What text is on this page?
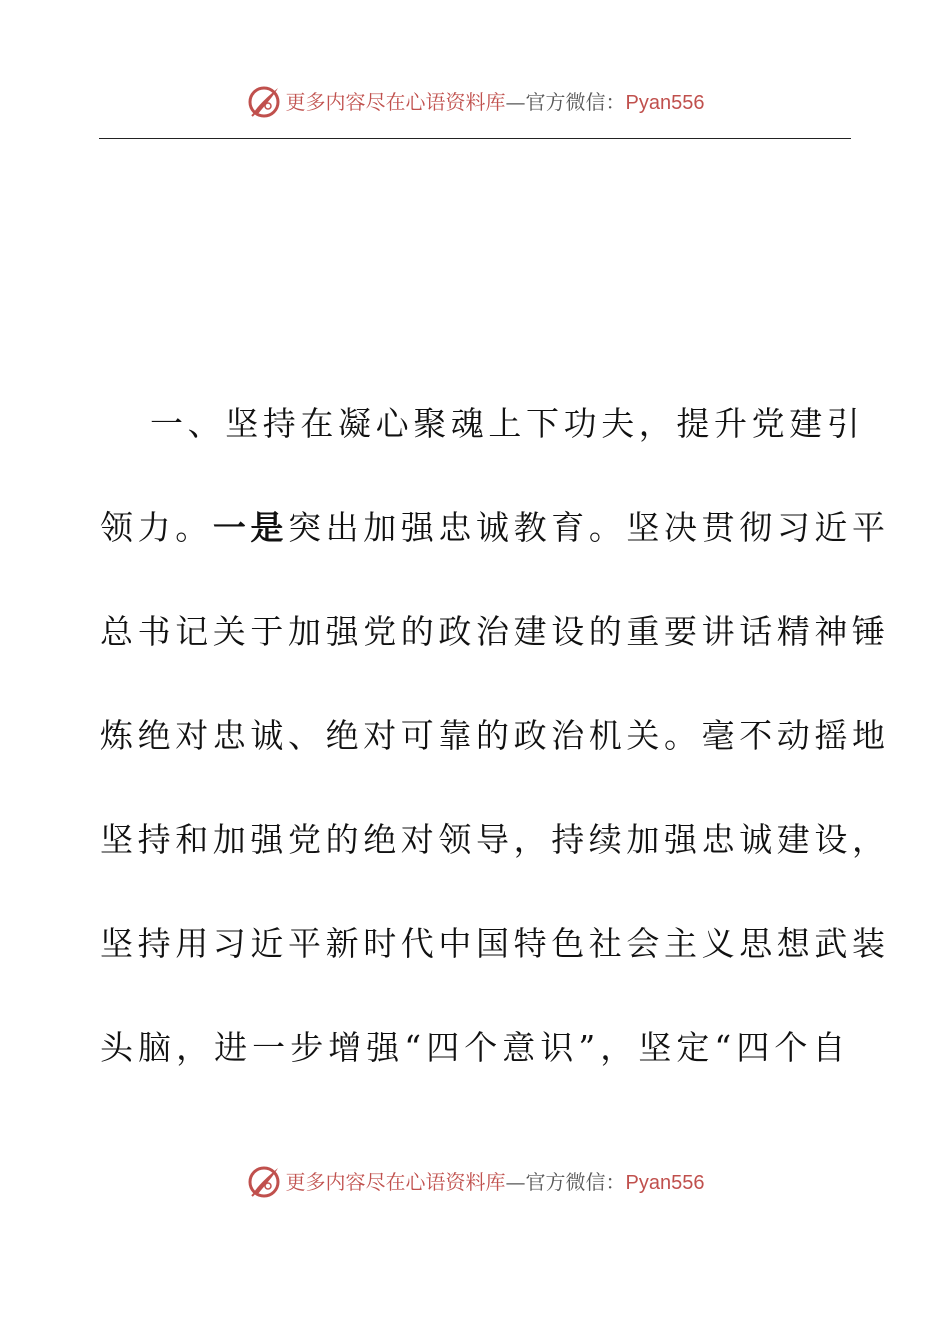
更多内容尽在心语资料库—官方微信：Pyan556
一、坚持在凝心聚魂上下功夫，提升党建引
领力。一是突出加强忠诚教育。坚决贯彻习近平
总书记关于加强党的政治建设的重要讲话精神锤
炼绝对忠诚、绝对可靠的政治机关。毫不动摇地
坚持和加强党的绝对领导，持续加强忠诚建设，
坚持用习近平新时代中国特色社会主义思想武装
头脑，进一步增强“四个意识”，坚定“四个自
更多内容尽在心语资料库—官方微信：Pyan556
